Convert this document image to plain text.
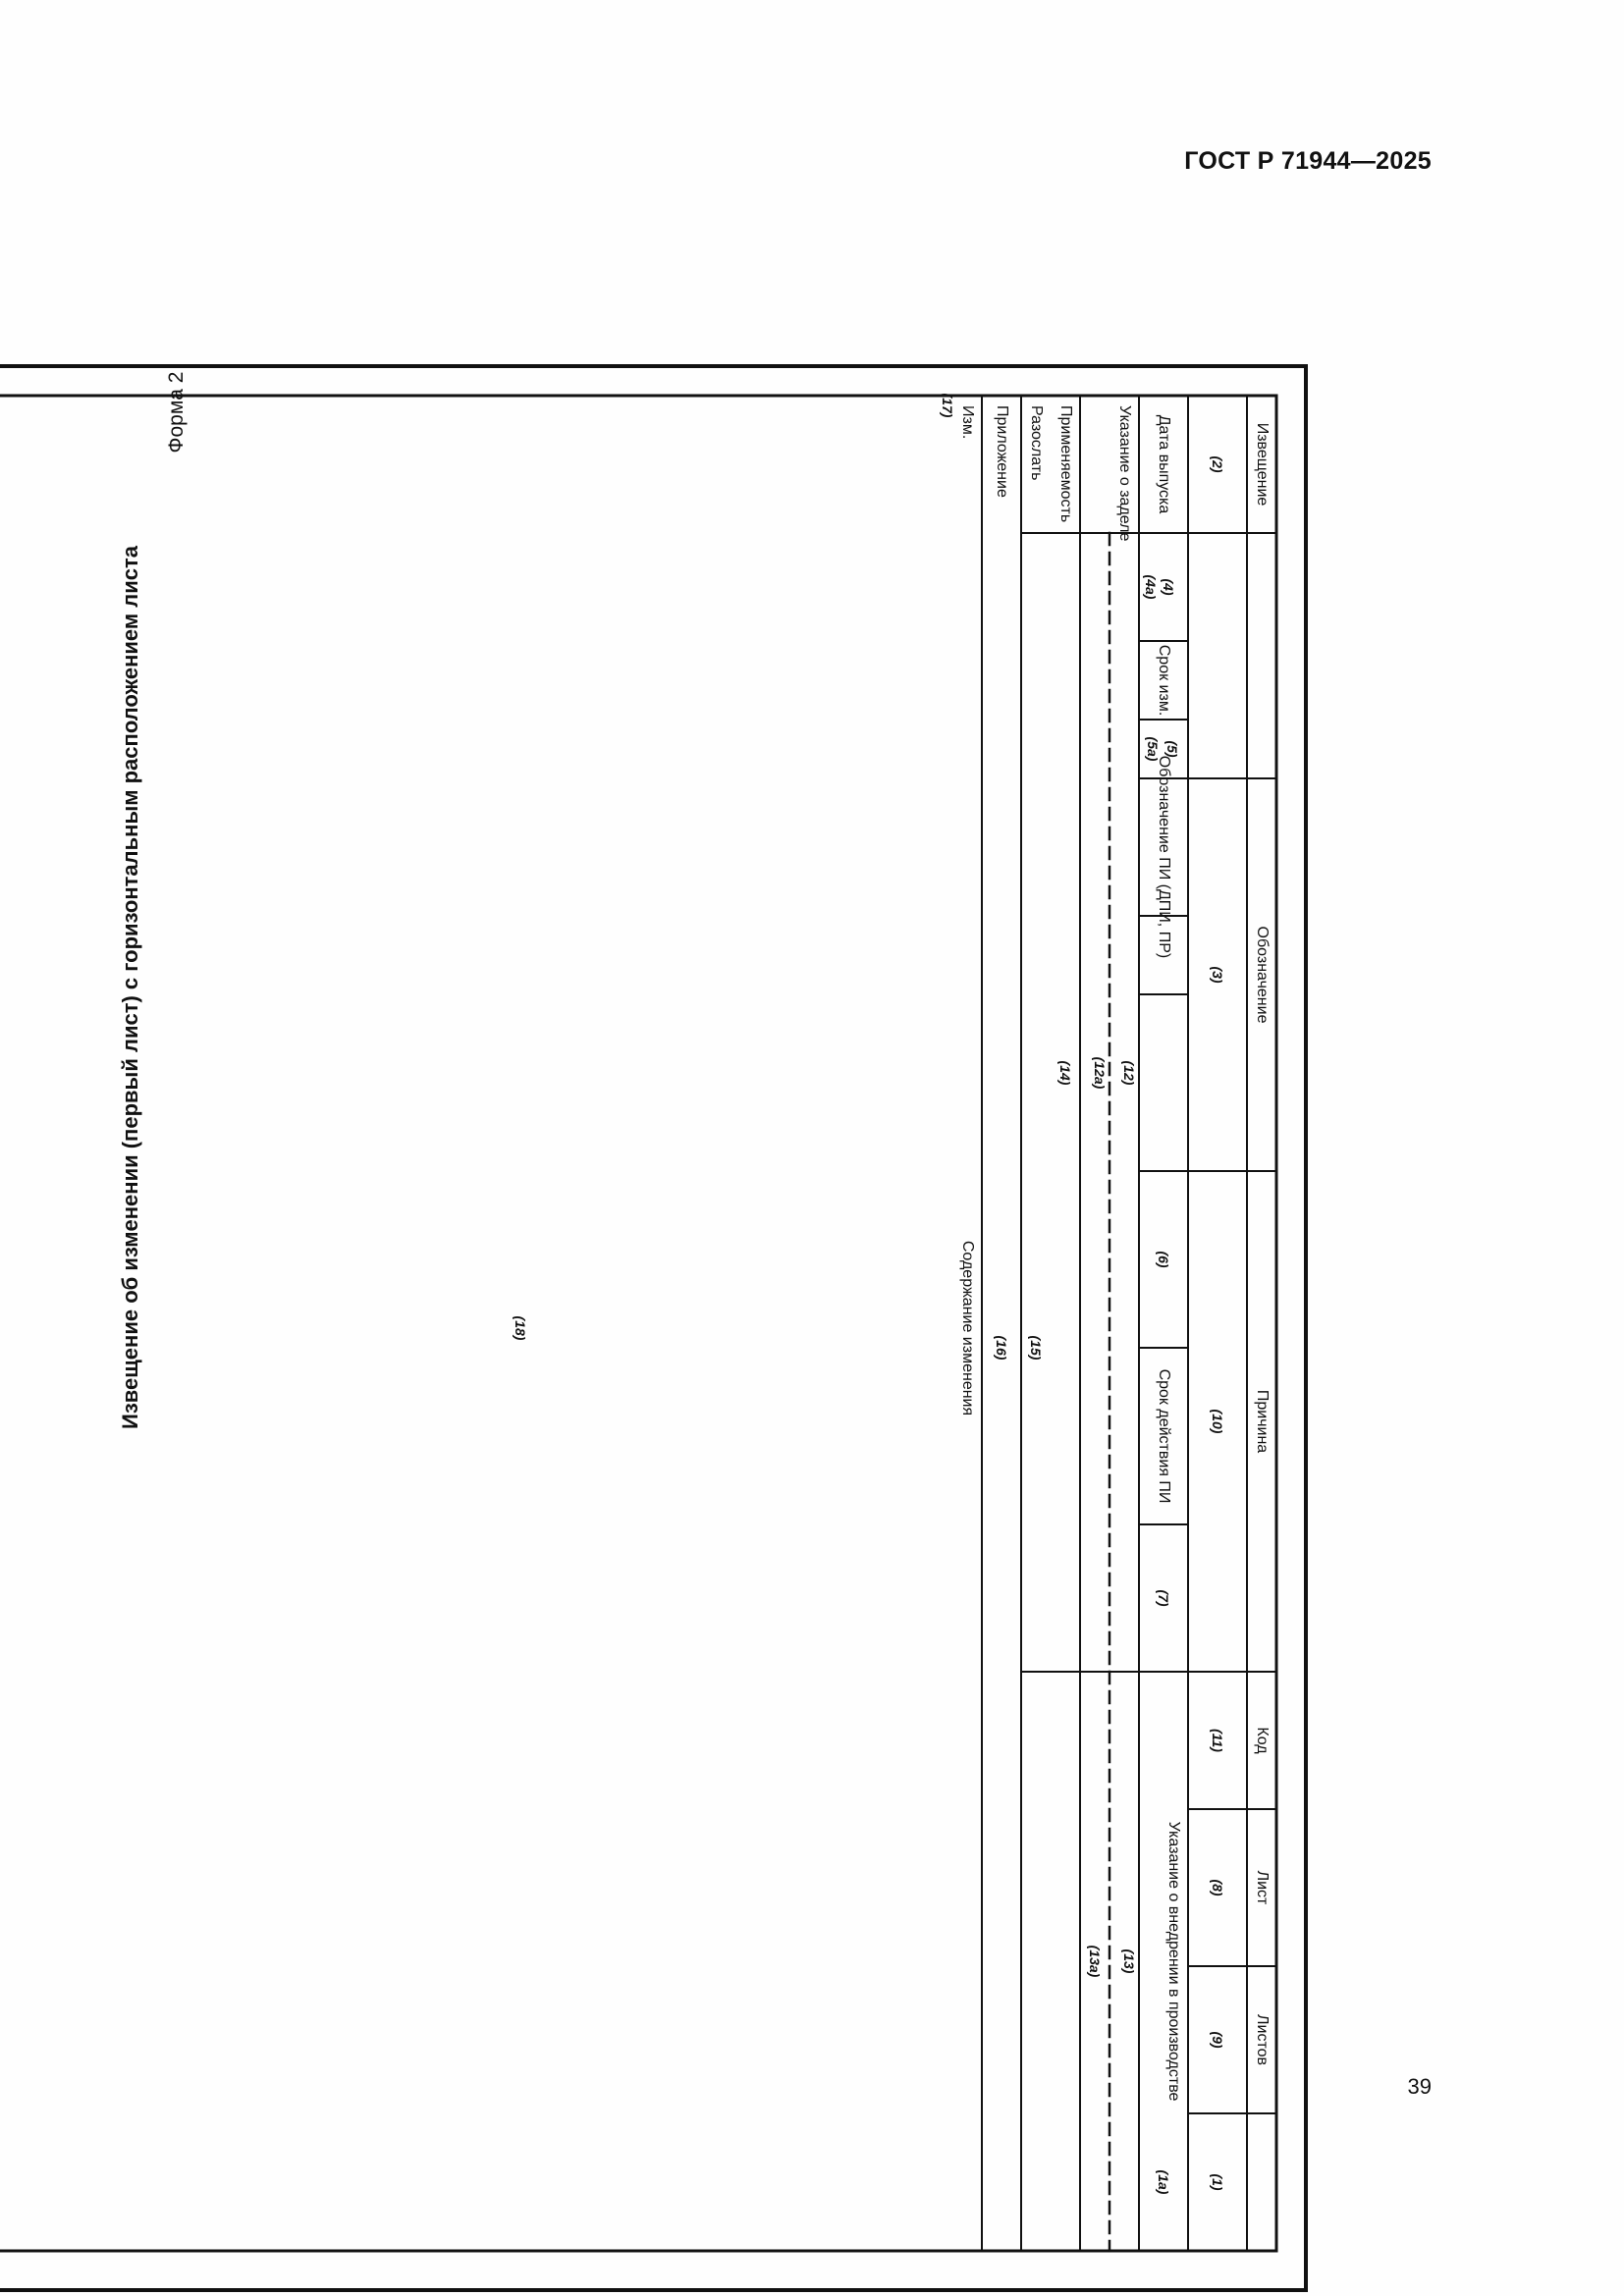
ГОСТ Р 71944—2025
Извещение об изменении (первый лист) с горизонтальным расположением листа
Форма 2
39
Извещение
Обозначение
Причина
Код
Лист
Листов
(2)
(3)
(10)
(11)
(8)
(9)
(1)
(1а)
Дата выпуска
(4)
(4а)
Срок изм.
(5)
(5а)
Обозначение ПИ (ДПИ, ПР)
(6)
Срок действия ПИ
(7)
Указание о внедрении в производстве
(13)
(13а)
Указание о заделе
(12)
(12а)
Применяемость
(14)
Разослать
(15)
Приложение
(16)
Изм.
(17)
Содержание изменения
(18)
